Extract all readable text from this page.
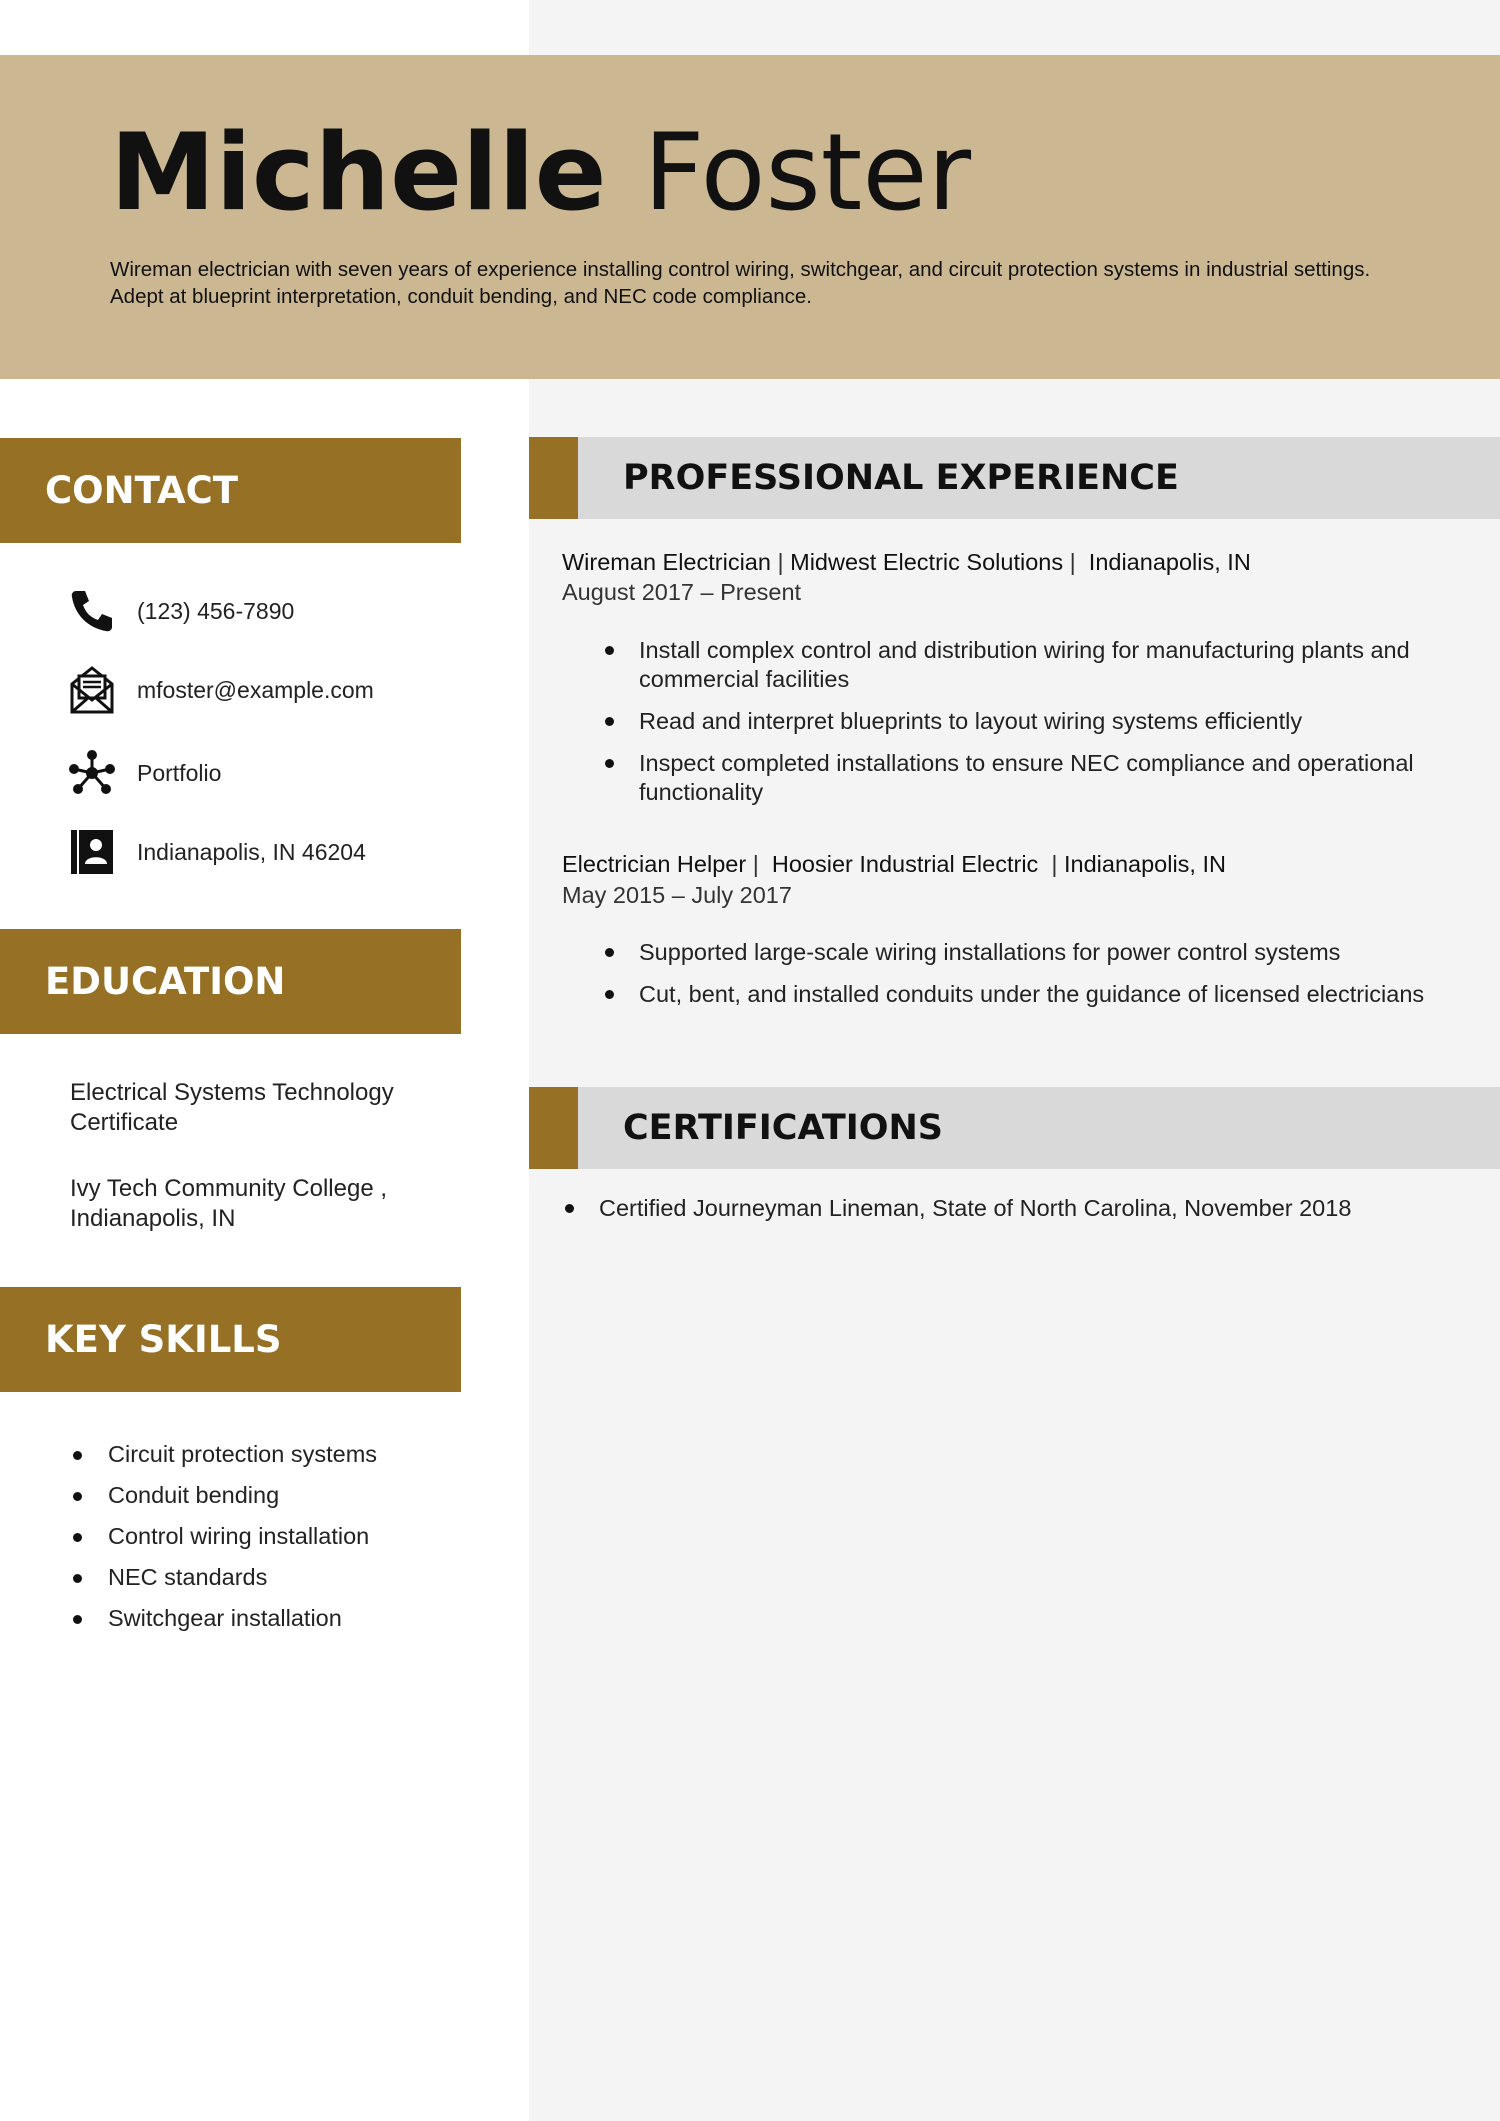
Michelle Foster

Wireman electrician with seven years of experience installing control wiring, switchgear, and circuit protection systems in industrial settings. Adept at blueprint interpretation, conduit bending, and NEC code compliance.

CONTACT
(123) 456-7890
mfoster@example.com
Portfolio
Indianapolis, IN 46204
EDUCATION

Electrical Systems Technology Certificate

Ivy Tech Community College , Indianapolis, IN

KEY SKILLS
Circuit protection systems
Conduit bending
Control wiring installation
NEC standards
Switchgear installation
PROFESSIONAL EXPERIENCE
Wireman Electrician | Midwest Electric Solutions | Indianapolis, IN
August 2017 – Present
Install complex control and distribution wiring for manufacturing plants and commercial facilities
Read and interpret blueprints to layout wiring systems efficiently
Inspect completed installations to ensure NEC compliance and operational functionality
Electrician Helper | Hoosier Industrial Electric | Indianapolis, IN
May 2015 – July 2017
Supported large-scale wiring installations for power control systems
Cut, bent, and installed conduits under the guidance of licensed electricians
CERTIFICATIONS
Certified Journeyman Lineman, State of North Carolina, November 2018
